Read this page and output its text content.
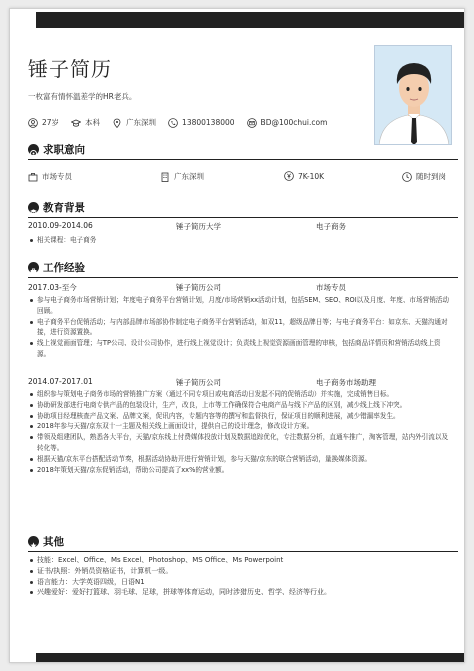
锤子简历
一枚富有情怀温差学的HR老兵。
27岁	本科	广东深圳	13800138000	BD@100chui.com
求职意向
市场专员	广东深圳	7K-10K	随时到岗
教育背景
2010.09-2014.06	锤子简历大学	电子商务
相关课程：电子商务
工作经验
2017.03-至今	锤子简历公司	市场专员
参与电子商务市场营销计划；年度电子商务平台营销计划，月度/市场营销xx活动计划，包括SEM、SEO、ROI以及月度、年度、市场营销活动回顾。
电子商务平台促销活动；与内部品牌市场部协作制定电子商务平台营销活动，如双11，超级品牌日等；与电子商务平台：如京东、天猫沟通对接，进行资源置换。
线上视觉画面管理；与TP公司、设计公司协作，进行线上视觉设计；负责线上视觉资源画面管理的审核，包括商品详情页和营销活动线上资源。
2014.07-2017.01	锤子简历公司	电子商务市场助理
组织参与策划电子商务市场的营销推广方案（通过不同专项日或电商活动日发起不同的促销活动）并实施，完成销售目标。
协助研发部进行电商专供产品的包装设计，生产，改良，上市等工作确保符合电商产品与线下产品的区别，减少线上线下冲突。
协助项目经理核查产品文案、品牌文案，促讯内容，专题内容等的撰写和监督执行，保证项目的顺利进展，减少错漏率发生。
2018年参与天猫/京东双十一主题及相关线上画面设计，提供自己的设计理念，修改设计方案。
带领及组建团队，熟悉各大平台，天猫/京东线上付费媒体投放计划及数据追踪优化，专注数据分析，直通车推广，淘客管理，站内外引流以及转化等。
根据天猫/京东平台搭配活动节奏，根据活动协助开进行营销计划，参与天猫/京东的联合营销活动，量换媒体资源。
2018年策划天猫/京东促销活动，帮助公司提高了xx%的营业额。
其他
技能：Excel、Office、Ms Excel、Photoshop、MS Office、Ms Powerpoint
证书/执照：外销员资格证书，计算机一级。
语言能力：大学英语四级，日语N1
兴趣爱好：爱好打篮球、羽毛球、足球，拼球等体育运动，同时涉猎历史、哲学、经济等行业。
